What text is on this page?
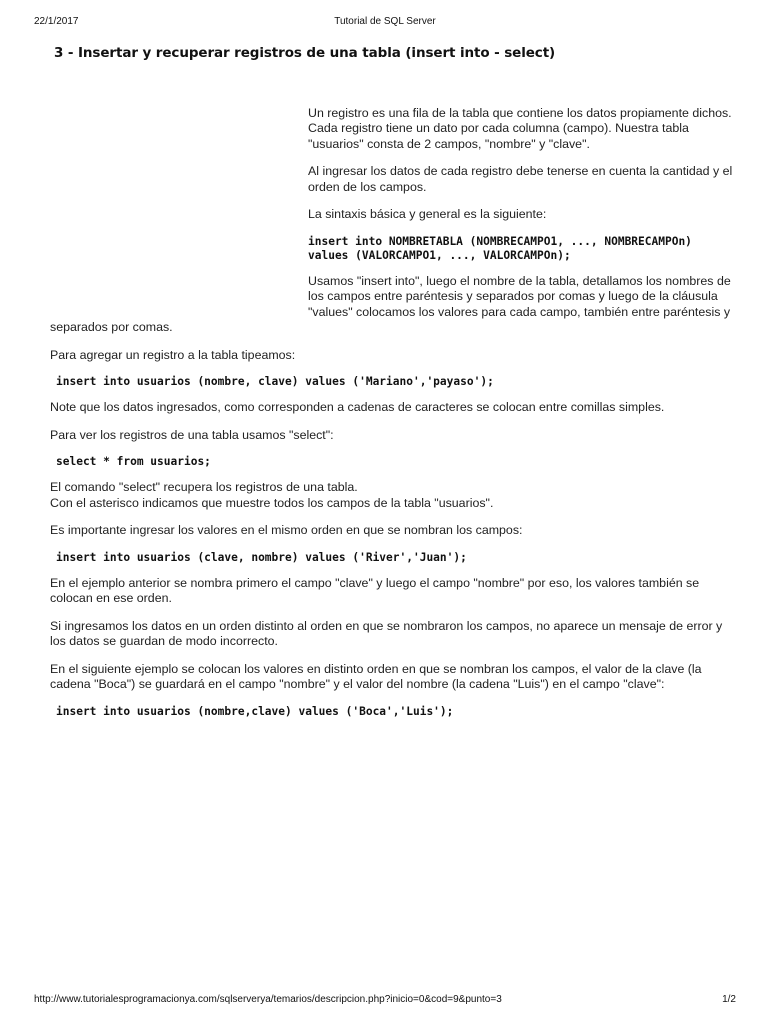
22/1/2017	Tutorial de SQL Server
3 - Insertar y recuperar registros de una tabla (insert into - select)

Un registro es una fila de la tabla que contiene los datos propiamente dichos. Cada registro tiene un dato por cada columna (campo). Nuestra tabla "usuarios" consta de 2 campos, "nombre" y "clave".

Al ingresar los datos de cada registro debe tenerse en cuenta la cantidad y el orden de los campos.

La sintaxis básica y general es la siguiente:

insert into NOMBRETABLA (NOMBRECAMPO1, ..., NOMBRECAMPOn)
values (VALORCAMPO1, ..., VALORCAMPOn);

Usamos "insert into", luego el nombre de la tabla, detallamos los nombres de los campos entre paréntesis y separados por comas y luego de la cláusula "values" colocamos los valores para cada campo, también entre paréntesis y separados por comas.

Para agregar un registro a la tabla tipeamos:

insert into usuarios (nombre, clave) values ('Mariano','payaso');

Note que los datos ingresados, como corresponden a cadenas de caracteres se colocan entre comillas simples.

Para ver los registros de una tabla usamos "select":

select * from usuarios;

El comando "select" recupera los registros de una tabla.
Con el asterisco indicamos que muestre todos los campos de la tabla "usuarios".

Es importante ingresar los valores en el mismo orden en que se nombran los campos:

insert into usuarios (clave, nombre) values ('River','Juan');

En el ejemplo anterior se nombra primero el campo "clave" y luego el campo "nombre" por eso, los valores también se colocan en ese orden.

Si ingresamos los datos en un orden distinto al orden en que se nombraron los campos, no aparece un mensaje de error y los datos se guardan de modo incorrecto.

En el siguiente ejemplo se colocan los valores en distinto orden en que se nombran los campos, el valor de la clave (la cadena "Boca") se guardará en el campo "nombre" y el valor del nombre (la cadena "Luis") en el campo "clave":

insert into usuarios (nombre,clave) values ('Boca','Luis');
http://www.tutorialesprogramacionya.com/sqlserverya/temarios/descripcion.php?inicio=0&cod=9&punto=3	1/2
